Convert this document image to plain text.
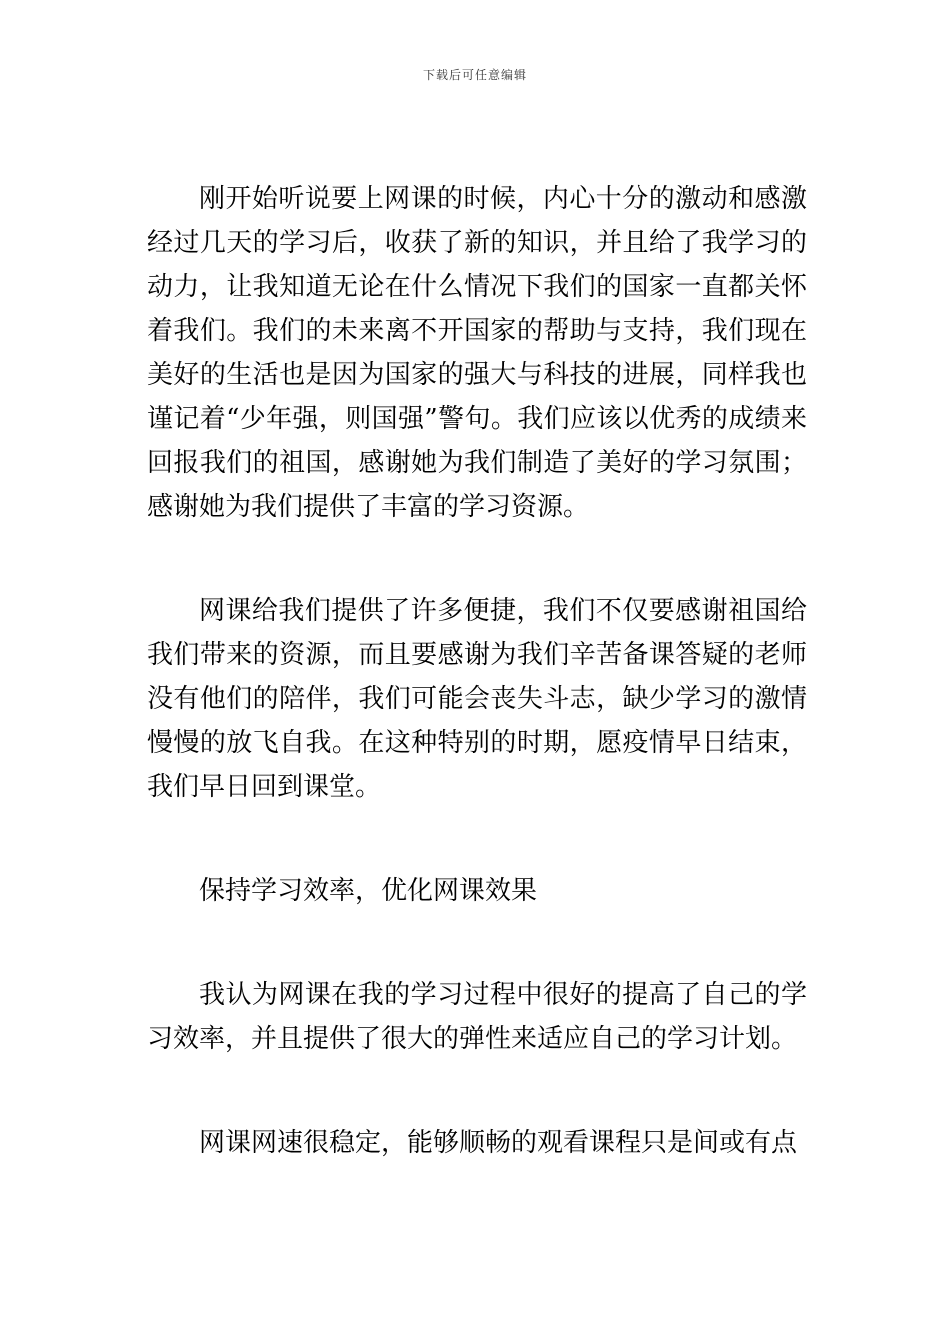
下载后可任意编辑

刚开始听说要上网课的时候，内心十分的激动和感激经过几天的学习后，收获了新的知识，并且给了我学习的动力，让我知道无论在什么情况下我们的国家一直都关怀着我们。我们的未来离不开国家的帮助与支持，我们现在美好的生活也是因为国家的强大与科技的进展，同样我也谨记着“少年强，则国强”警句。我们应该以优秀的成绩来回报我们的祖国，感谢她为我们制造了美好的学习氛围；感谢她为我们提供了丰富的学习资源。

网课给我们提供了许多便捷，我们不仅要感谢祖国给我们带来的资源，而且要感谢为我们辛苦备课答疑的老师没有他们的陪伴，我们可能会丧失斗志，缺少学习的激情慢慢的放飞自我。在这种特别的时期，愿疫情早日结束，我们早日回到课堂。

保持学习效率，优化网课效果

我认为网课在我的学习过程中很好的提高了自己的学习效率，并且提供了很大的弹性来适应自己的学习计划。

网课网速很稳定，能够顺畅的观看课程只是间或有点
